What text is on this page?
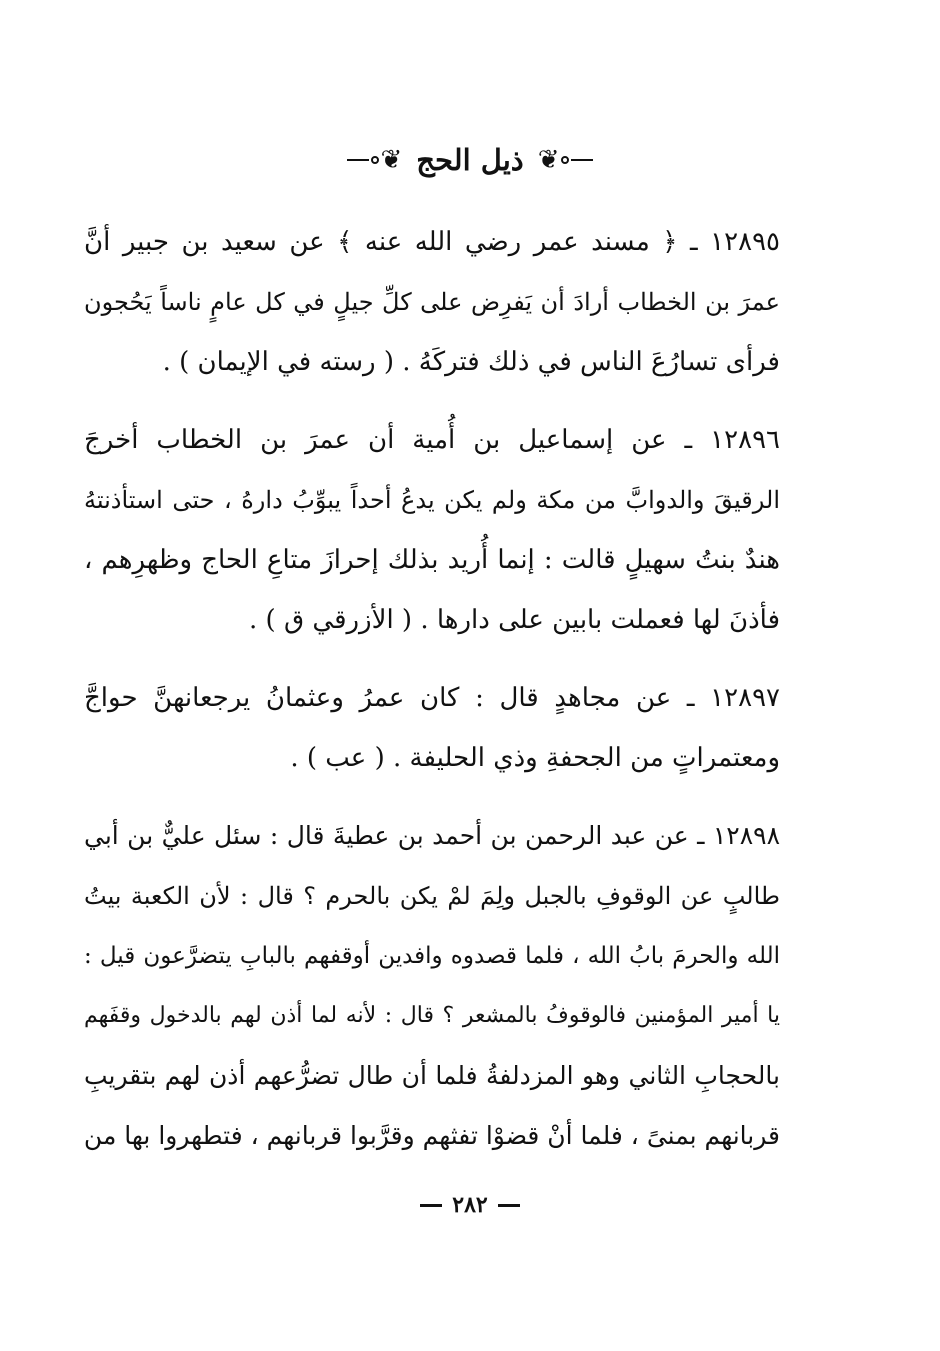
❦
ذيل الحج
❦
١٢٨٩٥ ـ ﴿ مسند عمر رضي الله عنه ﴾ عن سعيد بن جبير أنَّ
عمرَ بن الخطاب أرادَ أن يَفرِض على كلِّ جيلٍ في كل عامٍ ناساً يَحُجون
فرأى تسارُعَ الناس في ذلك فتركَهُ . ( رسته في الإيمان ) .
١٢٨٩٦ ـ عن إسماعيل بن أُمية أن عمرَ بن الخطاب أخرجَ
الرقيقَ والدوابَّ من مكة ولم يكن يدعُ أحداً يبوِّبُ دارهُ ، حتى استأذنتهُ
هندٌ بنتُ سهيلٍ قالت : إنما أُريد بذلك إحرازَ متاعِ الحاج وظهرِهم ،
فأذنَ لها فعملت بابين على دارها . ( الأزرقي ق ) .
١٢٨٩٧ ـ عن مجاهدٍ قال : كان عمرُ وعثمانُ يرجعانهنَّ حواجَّ
ومعتمراتٍ من الجحفةِ وذي الحليفة . ( عب ) .
١٢٨٩٨ ـ عن عبد الرحمن بن أحمد بن عطيةَ قال : سئل عليٌّ بن أبي
طالبٍ عن الوقوفِ بالجبل ولِمَ لمْ يكن بالحرم ؟ قال : لأن الكعبة بيتُ
الله والحرمَ بابُ الله ، فلما قصدوه وافدين أوقفهم بالبابِ يتضرَّعون قيل :
يا أمير المؤمنين فالوقوفُ بالمشعر ؟ قال : لأنه لما أذن لهم بالدخول وقفَهم
بالحجابِ الثاني وهو المزدلفةُ فلما أن طال تضرُّعهم أذن لهم بتقريبِ
قربانهم بمنىً ، فلما أنْ قضوْا تفثهم وقرَّبوا قربانهم ، فتطهروا بها من
٢٨٢
